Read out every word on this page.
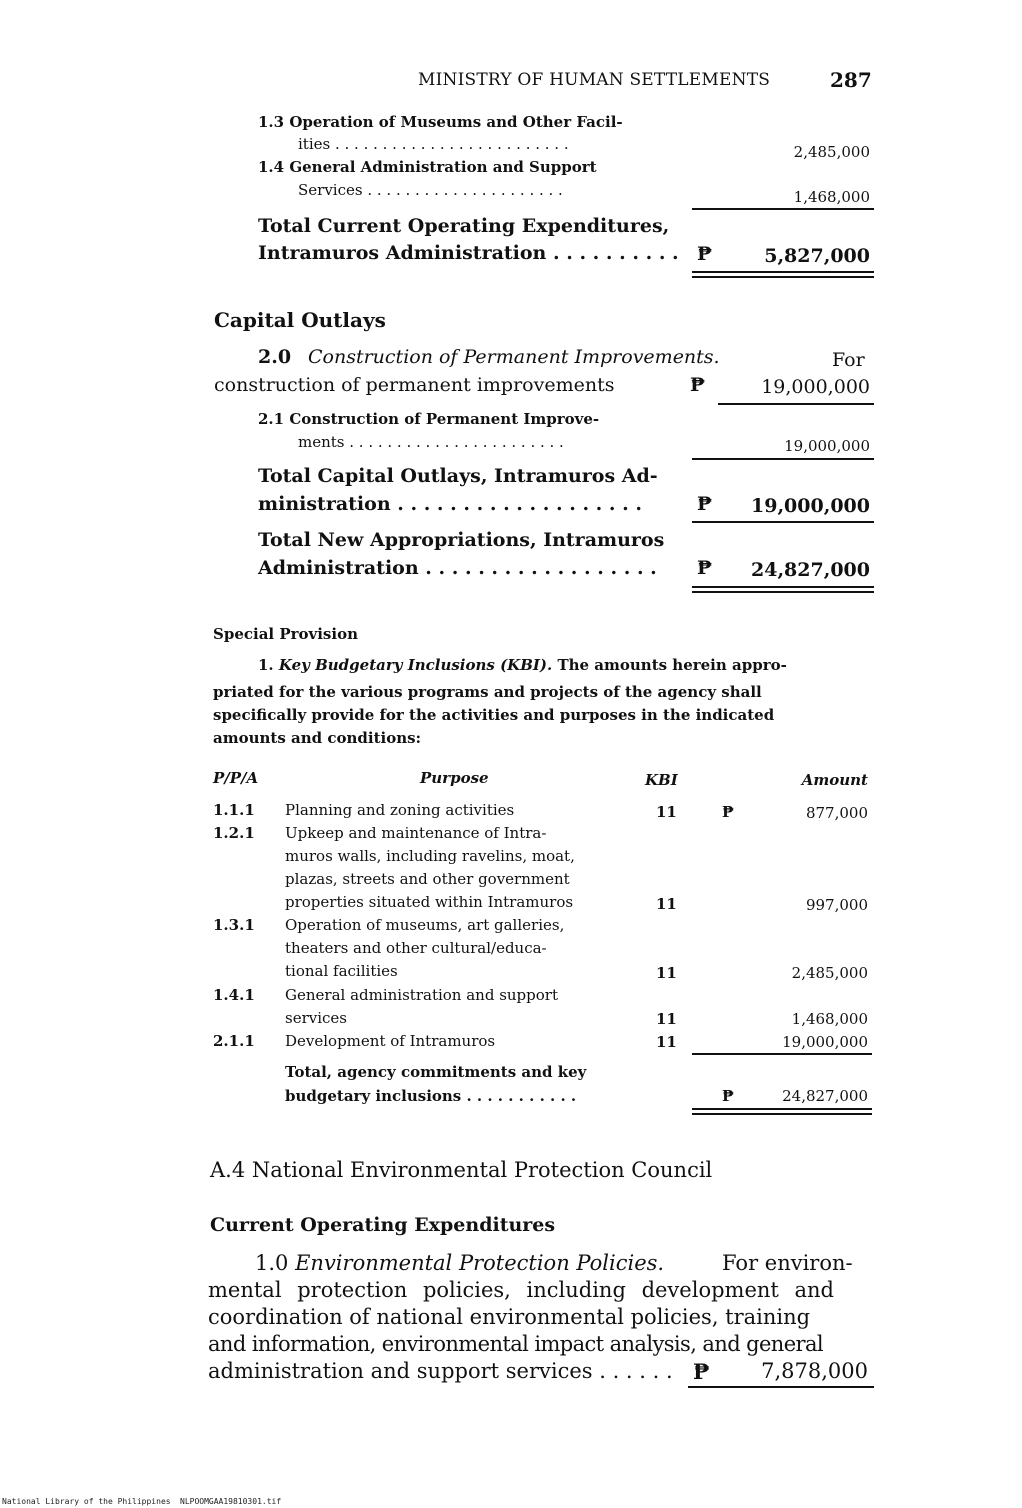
MINISTRY OF HUMAN SETTLEMENTS	287
1.3 Operation of Museums and Other Facil-
ities . . . . . . . . . . . . . . . . . . . . . . . . .	2,485,000
1.4 General Administration and Support
Services . . . . . . . . . . . . . . . . . . . . .	1,468,000
Total Current Operating Expenditures,
Intramuros Administration . . . . . . . . . . ₱	5,827,000
Capital Outlays
2.0 Construction of Permanent Improvements.	For
construction of permanent improvements	₱	19,000,000
2.1 Construction of Permanent Improve-
ments . . . . . . . . . . . . . . . . . . . . . . .	19,000,000
Total Capital Outlays, Intramuros Ad-
ministration . . . . . . . . . . . . . . . . . . .	₱	19,000,000
Total New Appropriations, Intramuros
Administration . . . . . . . . . . . . . . . . . . ₱	24,827,000
Special Provision
1. Key Budgetary Inclusions (KBI). The amounts herein appro-
priated for the various programs and projects of the agency shall
specifically provide for the activities and purposes in the indicated
amounts and conditions:
P/P/A	Purpose	KBI	Amount
1.1.1 Planning and zoning activities	11	₱	877,000
1.2.1 Upkeep and maintenance of Intra-
muros walls, including ravelins, moat,
plazas, streets and other government
properties situated within Intramuros	11	997,000
1.3.1 Operation of museums, art galleries,
theaters and other cultural/educa-
tional facilities	11	2,485,000
1.4.1 General administration and support
services	11	1,468,000
2.1.1 Development of Intramuros	11	19,000,000
Total, agency commitments and key
budgetary inclusions . . . . . . . . . . .	₱	24,827,000
A.4 National Environmental Protection Council
Current Operating Expenditures
1.0 Environmental Protection Policies.	For environ-
mental protection policies, including development and
coordination of national environmental policies, training
and information, environmental impact analysis, and general
administration and support services . . . . . . ₱	7,878,000
National Library of the Philippines NLPOOMGAA19810301.tif
